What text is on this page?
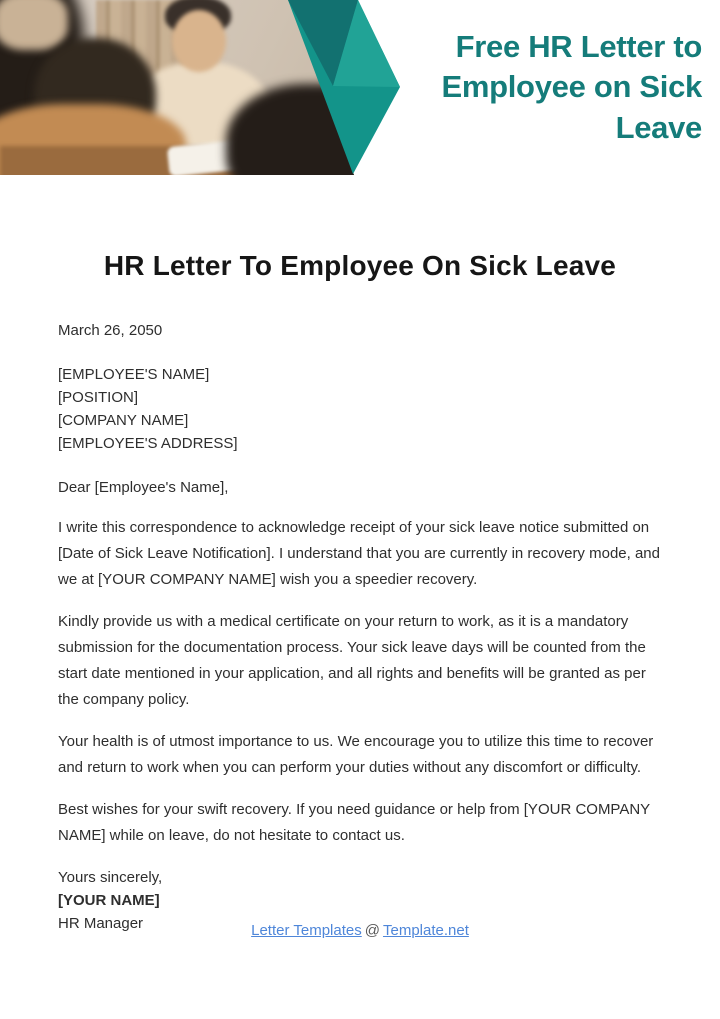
Free HR Letter to Employee on Sick Leave
HR Letter To Employee On Sick Leave
March 26, 2050
[EMPLOYEE'S NAME]
[POSITION]
[COMPANY NAME]
[EMPLOYEE'S ADDRESS]
Dear [Employee's Name],

I write this correspondence to acknowledge receipt of your sick leave notice submitted on [Date of Sick Leave Notification]. I understand that you are currently in recovery mode, and we at [YOUR COMPANY NAME] wish you a speedier recovery.

Kindly provide us with a medical certificate on your return to work, as it is a mandatory submission for the documentation process. Your sick leave days will be counted from the start date mentioned in your application, and all rights and benefits will be granted as per the company policy.

Your health is of utmost importance to us. We encourage you to utilize this time to recover and return to work when you can perform your duties without any discomfort or difficulty.

Best wishes for your swift recovery. If you need guidance or help from [YOUR COMPANY NAME] while on leave, do not hesitate to contact us.

Yours sincerely,
[YOUR NAME]
HR Manager	Letter Templates @ Template.net
